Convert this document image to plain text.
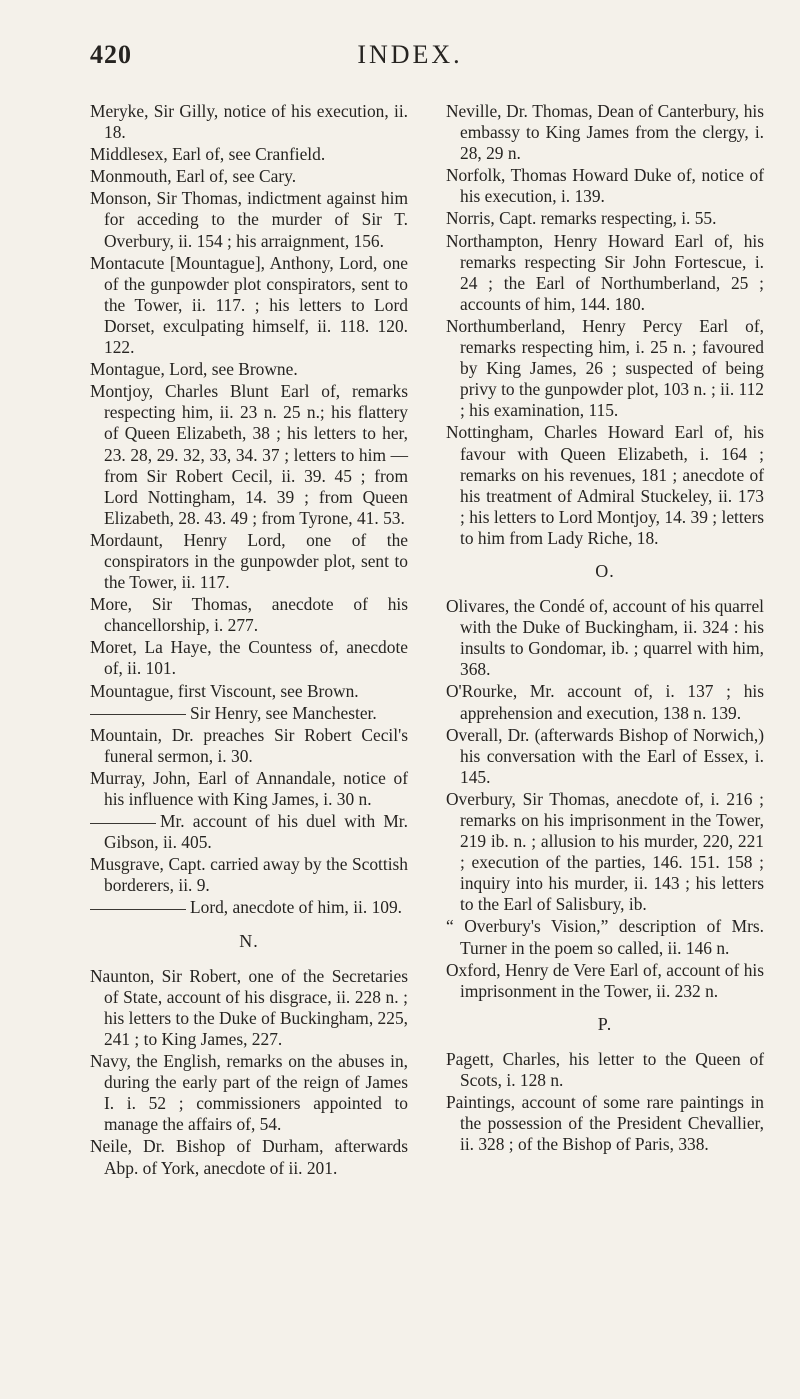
420	INDEX.

Meryke, Sir Gilly, notice of his execution, ii. 18.

Middlesex, Earl of, see Cranfield.

Monmouth, Earl of, see Cary.

Monson, Sir Thomas, indictment against him for acceding to the murder of Sir T. Overbury, ii. 154 ; his arraignment, 156.

Montacute [Mountague], Anthony, Lord, one of the gunpowder plot conspirators, sent to the Tower, ii. 117. ; his letters to Lord Dorset, exculpating himself, ii. 118. 120. 122.

Montague, Lord, see Browne.

Montjoy, Charles Blunt Earl of, remarks respecting him, ii. 23 n. 25 n.; his flattery of Queen Elizabeth, 38 ; his letters to her, 23. 28, 29. 32, 33, 34. 37 ; letters to him —from Sir Robert Cecil, ii. 39. 45 ; from Lord Nottingham, 14. 39 ; from Queen Elizabeth, 28. 43. 49 ; from Tyrone, 41. 53.

Mordaunt, Henry Lord, one of the conspirators in the gunpowder plot, sent to the Tower, ii. 117.

More, Sir Thomas, anecdote of his chancellorship, i. 277.

Moret, La Haye, the Countess of, anecdote of, ii. 101.

Mountague, first Viscount, see Brown.

Sir Henry, see Manchester.

Mountain, Dr. preaches Sir Robert Cecil's funeral sermon, i. 30.

Murray, John, Earl of Annandale, notice of his influence with King James, i. 30 n.

Mr. account of his duel with Mr. Gibson, ii. 405.

Musgrave, Capt. carried away by the Scottish borderers, ii. 9.

Lord, anecdote of him, ii. 109.

N.

Naunton, Sir Robert, one of the Secretaries of State, account of his disgrace, ii. 228 n. ; his letters to the Duke of Buckingham, 225, 241 ; to King James, 227.

Navy, the English, remarks on the abuses in, during the early part of the reign of James I. i. 52 ; commissioners appointed to manage the affairs of, 54.

Neile, Dr. Bishop of Durham, afterwards Abp. of York, anecdote of ii. 201.

Neville, Dr. Thomas, Dean of Canterbury, his embassy to King James from the clergy, i. 28, 29 n.

Norfolk, Thomas Howard Duke of, notice of his execution, i. 139.

Norris, Capt. remarks respecting, i. 55.

Northampton, Henry Howard Earl of, his remarks respecting Sir John Fortescue, i. 24 ; the Earl of Northumberland, 25 ; accounts of him, 144. 180.

Northumberland, Henry Percy Earl of, remarks respecting him, i. 25 n. ; favoured by King James, 26 ; suspected of being privy to the gunpowder plot, 103 n. ; ii. 112 ; his examination, 115.

Nottingham, Charles Howard Earl of, his favour with Queen Elizabeth, i. 164 ; remarks on his revenues, 181 ; anecdote of his treatment of Admiral Stuckeley, ii. 173 ; his letters to Lord Montjoy, 14. 39 ; letters to him from Lady Riche, 18.

O.

Olivares, the Condé of, account of his quarrel with the Duke of Buckingham, ii. 324 : his insults to Gondomar, ib. ; quarrel with him, 368.

O'Rourke, Mr. account of, i. 137 ; his apprehension and execution, 138 n. 139.

Overall, Dr. (afterwards Bishop of Norwich,) his conversation with the Earl of Essex, i. 145.

Overbury, Sir Thomas, anecdote of, i. 216 ; remarks on his imprisonment in the Tower, 219 ib. n. ; allusion to his murder, 220, 221 ; execution of the parties, 146. 151. 158 ; inquiry into his murder, ii. 143 ; his letters to the Earl of Salisbury, ib.

“ Overbury's Vision,” description of Mrs. Turner in the poem so called, ii. 146 n.

Oxford, Henry de Vere Earl of, account of his imprisonment in the Tower, ii. 232 n.

P.

Pagett, Charles, his letter to the Queen of Scots, i. 128 n.

Paintings, account of some rare paintings in the possession of the President Chevallier, ii. 328 ; of the Bishop of Paris, 338.
